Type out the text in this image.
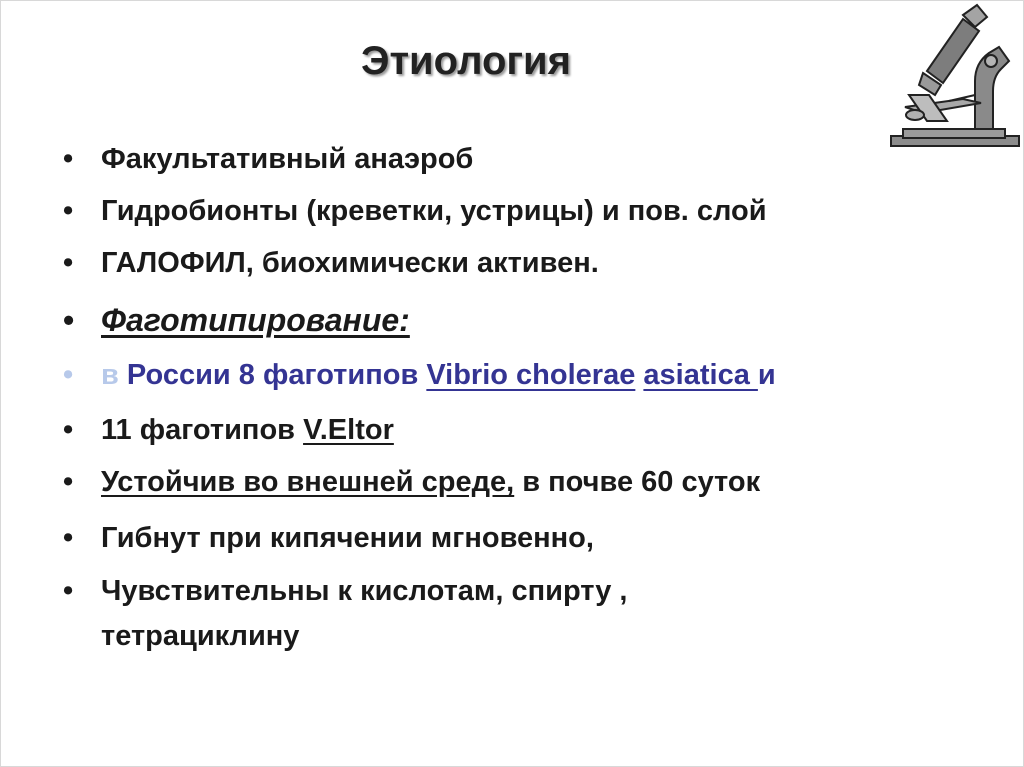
Этиология
• Факультативный анаэроб
• Гидробионты (креветки, устрицы) и пов. слой
• ГАЛОФИЛ, биохимически активен.
• Фаготипирование:
• в России 8 фаготипов Vibrio cholerae asiatica и
• 11 фаготипов V.Eltor
• Устойчив во внешней среде, в почве 60 суток
• Гибнут при кипячении мгновенно,
• Чувствительны к кислотам, спирту ,
тетрациклину
